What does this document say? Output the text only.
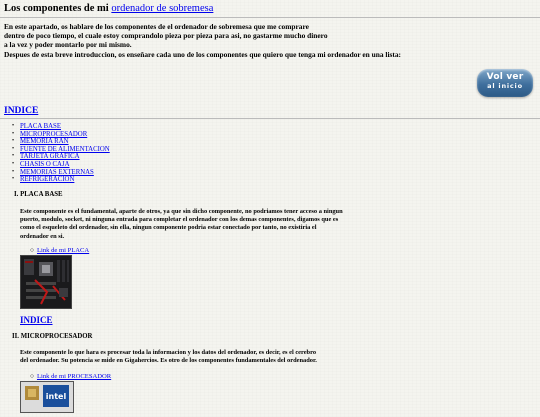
Los componentes de mi ordenador de sobremesa
En este apartado, os hablare de los componentes de el ordenador de sobremesa que me comprare
dentro de poco tiempo, el cuale estoy comprandolo pieza por pieza para asi, no gastarme mucho dinero
a la vez y poder montarlo por mi mismo.
Despues de esta breve introduccion, os enseñare cada uno de los componentes que quiero que tenga mi ordenador en una lista:
Vol ver
al inicio
INDICE
• PLACA BASE
• MICROPROCESADOR
• MEMORIA RAN
• FUENTE DE ALIMENTACION
• TARJETA GRAFICA
• CHASIS O CAJA
• MEMORIAS EXTERNAS
• REFRIGERACION
I. PLACA BASE
Este componente es el fundamental, aparte de otros, ya que sin dicho componente, no podriamos tener acceso a ningun
puerto, modulo, socket, ni ninguna entrada para completar el ordenador con los demas componentes, digamos que es
como el esqueleto del ordenador, sin ella, ningun componente podria estar conectado por tanto, no existiria el
ordenador en si.
○ Link de mi PLACA
INDICE
II. MICROPROCESADOR
Este componente lo que hara es procesar toda la informacion y los datos del ordenador, es decir, es el cerebro
del ordenador. Su potencia se mide en Gigahercios. Es otro de los componentes fundamentales del ordenador.
○ Link de mi PROCESADOR
intel
